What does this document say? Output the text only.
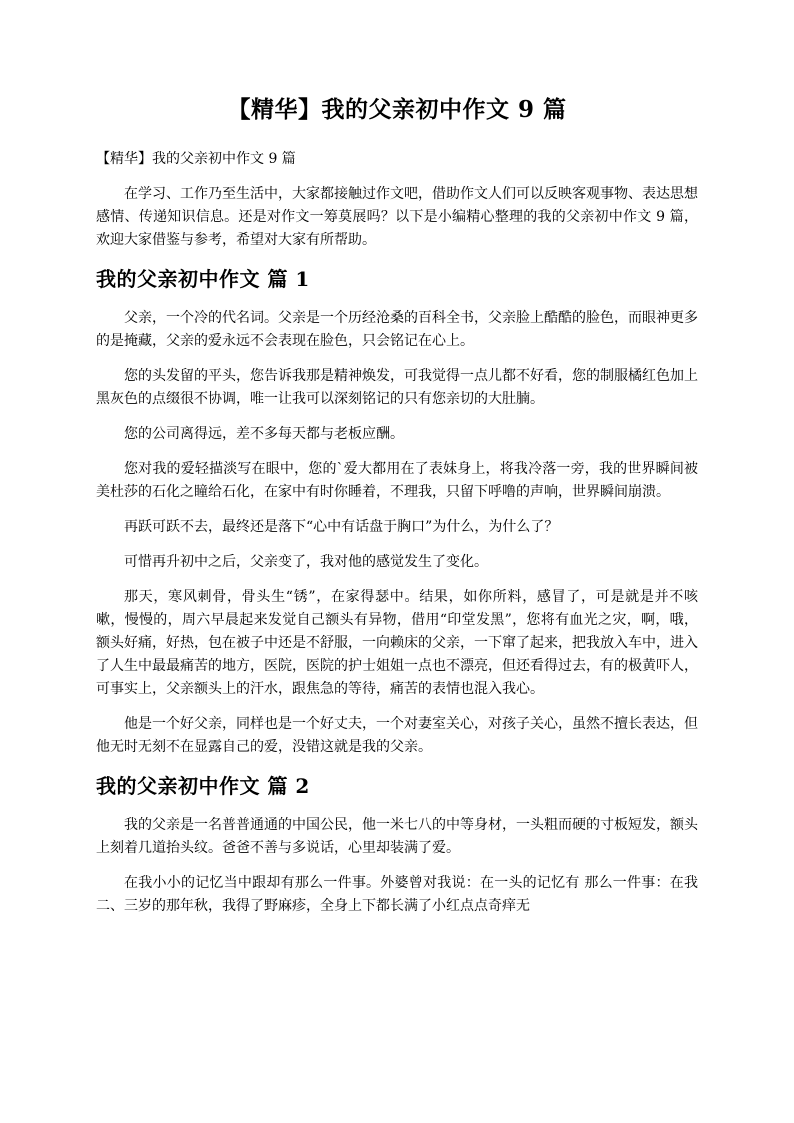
【精华】我的父亲初中作文 9 篇
【精华】我的父亲初中作文 9 篇

在学习、工作乃至生活中，大家都接触过作文吧，借助作文人们可以反映客观事物、表达思想感情、传递知识信息。还是对作文一筹莫展吗？以下是小编精心整理的我的父亲初中作文 9 篇，欢迎大家借鉴与参考，希望对大家有所帮助。

我的父亲初中作文 篇 1

父亲，一个冷的代名词。父亲是一个历经沧桑的百科全书，父亲脸上酷酷的脸色，而眼神更多的是掩藏，父亲的爱永远不会表现在脸色，只会铭记在心上。

您的头发留的平头，您告诉我那是精神焕发，可我觉得一点儿都不好看，您的制服橘红色加上黑灰色的点缀很不协调，唯一让我可以深刻铭记的只有您亲切的大肚腩。

您的公司离得远，差不多每天都与老板应酬。

您对我的爱轻描淡写在眼中，您的`爱大都用在了表妹身上，将我冷落一旁，我的世界瞬间被美杜莎的石化之瞳给石化，在家中有时你睡着，不理我，只留下呼噜的声响，世界瞬间崩溃。

再跃可跃不去，最终还是落下“心中有话盘于胸口”为什么，为什么了？

可惜再升初中之后，父亲变了，我对他的感觉发生了变化。

那天，寒风刺骨，骨头生“锈”，在家得瑟中。结果，如你所料，感冒了，可是就是并不咳嗽，慢慢的，周六早晨起来发觉自己额头有异物，借用“印堂发黑”，您将有血光之灾，啊，哦，额头好痛，好热，包在被子中还是不舒服，一向赖床的父亲，一下窜了起来，把我放入车中，进入了人生中最最痛苦的地方，医院，医院的护士姐姐一点也不漂亮，但还看得过去，有的极黄吓人，可事实上，父亲额头上的汗水，跟焦急的等待，痛苦的表情也混入我心。

他是一个好父亲，同样也是一个好丈夫，一个对妻室关心，对孩子关心，虽然不擅长表达，但他无时无刻不在显露自己的爱，没错这就是我的父亲。

我的父亲初中作文 篇 2

我的父亲是一名普普通通的中国公民，他一米七八的中等身材，一头粗而硬的寸板短发，额头上刻着几道抬头纹。爸爸不善与多说话，心里却装满了爱。

在我小小的记忆当中跟却有那么一件事。外婆曾对我说：在一头的记忆有 那么一件事：在我二、三岁的那年秋，我得了野麻疹，全身上下都长满了小红点点奇痒无
